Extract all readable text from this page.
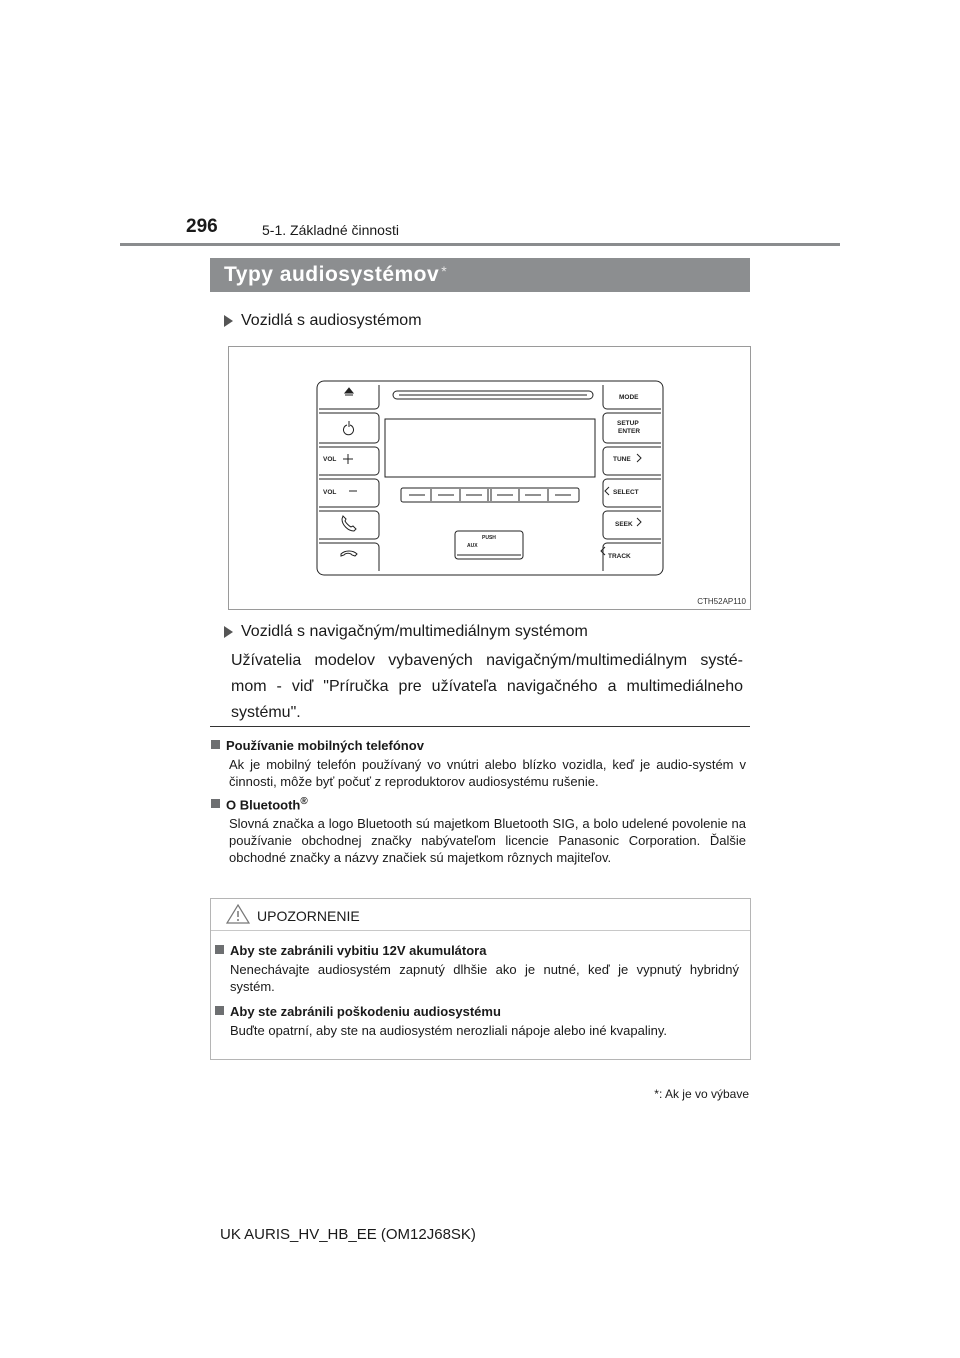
296	5-1. Základné činnosti
Typy audiosystémov *
Vozidlá s audiosystémom
MODE
SETUP
ENTER
TUNE
SELECT
SEEK
TRACK
VOL
VOL
PUSH
AUX
CTH52AP110
Vozidlá s navigačným/multimediálnym systémom
Užívatelia modelov vybavených navigačným/multimediálnym systé-mom - viď "Príručka pre užívateľa navigačného a multimediálneho systému".
Používanie mobilných telefónov
Ak je mobilný telefón používaný vo vnútri alebo blízko vozidla, keď je audio-systém v činnosti, môže byť počuť z reproduktorov audiosystému rušenie.
O Bluetooth®
Slovná značka a logo Bluetooth sú majetkom Bluetooth SIG, a bolo udelené povolenie na používanie obchodnej značky nabývateľom licencie Panasonic Corporation. Ďalšie obchodné značky a názvy značiek sú majetkom rôznych majiteľov.
UPOZORNENIE
Aby ste zabránili vybitiu 12V akumulátora
Nenechávajte audiosystém zapnutý dlhšie ako je nutné, keď je vypnutý hybridný systém.
Aby ste zabránili poškodeniu audiosystému
Buďte opatrní, aby ste na audiosystém nerozliali nápoje alebo iné kvapaliny.
*: Ak je vo výbave
UK AURIS_HV_HB_EE (OM12J68SK)
